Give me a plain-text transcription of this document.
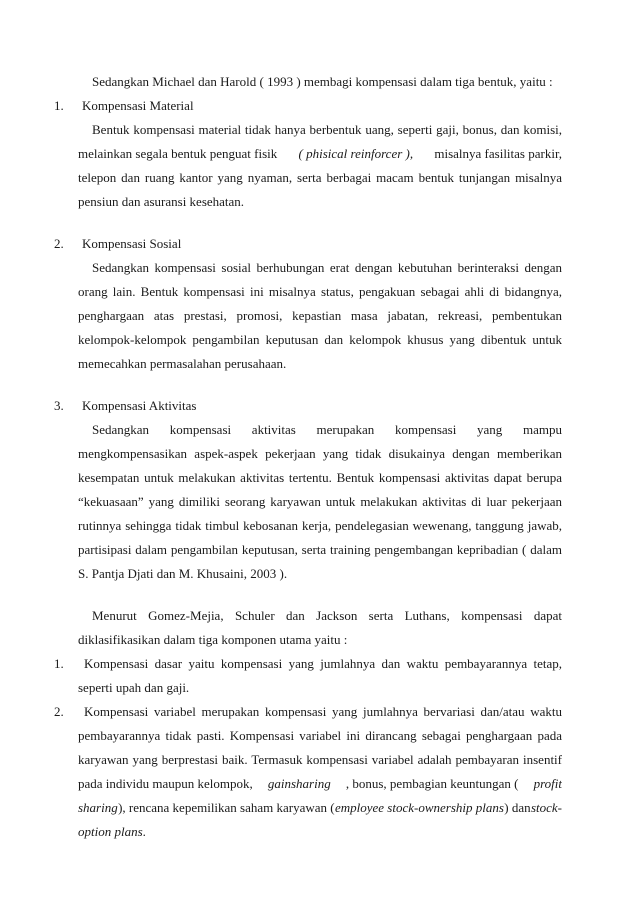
Sedangkan Michael dan Harold ( 1993 ) membagi kompensasi dalam tiga bentuk, yaitu :
1. Kompensasi Material
Bentuk kompensasi material tidak hanya berbentuk uang, seperti gaji, bonus, dan komisi,
melainkan segala bentuk penguat fisik ( phisical reinforcer ), misalnya fasilitas parkir,
telepon dan ruang kantor yang nyaman, serta berbagai macam bentuk tunjangan misalnya
pensiun dan asuransi kesehatan.
2. Kompensasi Sosial
Sedangkan kompensasi sosial berhubungan erat dengan kebutuhan berinteraksi dengan
orang lain. Bentuk kompensasi ini misalnya status, pengakuan sebagai ahli di bidangnya,
penghargaan atas prestasi, promosi, kepastian masa jabatan, rekreasi, pembentukan
kelompok-kelompok pengambilan keputusan dan kelompok khusus yang dibentuk untuk
memecahkan permasalahan perusahaan.
3. Kompensasi Aktivitas
Sedangkan kompensasi aktivitas merupakan kompensasi yang mampu
mengkompensasikan aspek-aspek pekerjaan yang tidak disukainya dengan memberikan
kesempatan untuk melakukan aktivitas tertentu. Bentuk kompensasi aktivitas dapat berupa
“kekuasaan” yang dimiliki seorang karyawan untuk melakukan aktivitas di luar pekerjaan
rutinnya sehingga tidak timbul kebosanan kerja, pendelegasian wewenang, tanggung jawab,
partisipasi dalam pengambilan keputusan, serta training pengembangan kepribadian ( dalam
S. Pantja Djati dan M. Khusaini, 2003 ).
Menurut Gomez-Mejia, Schuler dan Jackson serta Luthans, kompensasi dapat
diklasifikasikan dalam tiga komponen utama yaitu :
1. Kompensasi dasar yaitu kompensasi yang jumlahnya dan waktu pembayarannya tetap,
seperti upah dan gaji.
2. Kompensasi variabel merupakan kompensasi yang jumlahnya bervariasi dan/atau waktu
pembayarannya tidak pasti. Kompensasi variabel ini dirancang sebagai penghargaan pada
karyawan yang berprestasi baik. Termasuk kompensasi variabel adalah pembayaran insentif
pada individu maupun kelompok, gainsharing , bonus, pembagian keuntungan ( profit
sharing ), rencana kepemilikan saham karyawan ( employee stock-ownership plans ) dan stock-
option plans.
